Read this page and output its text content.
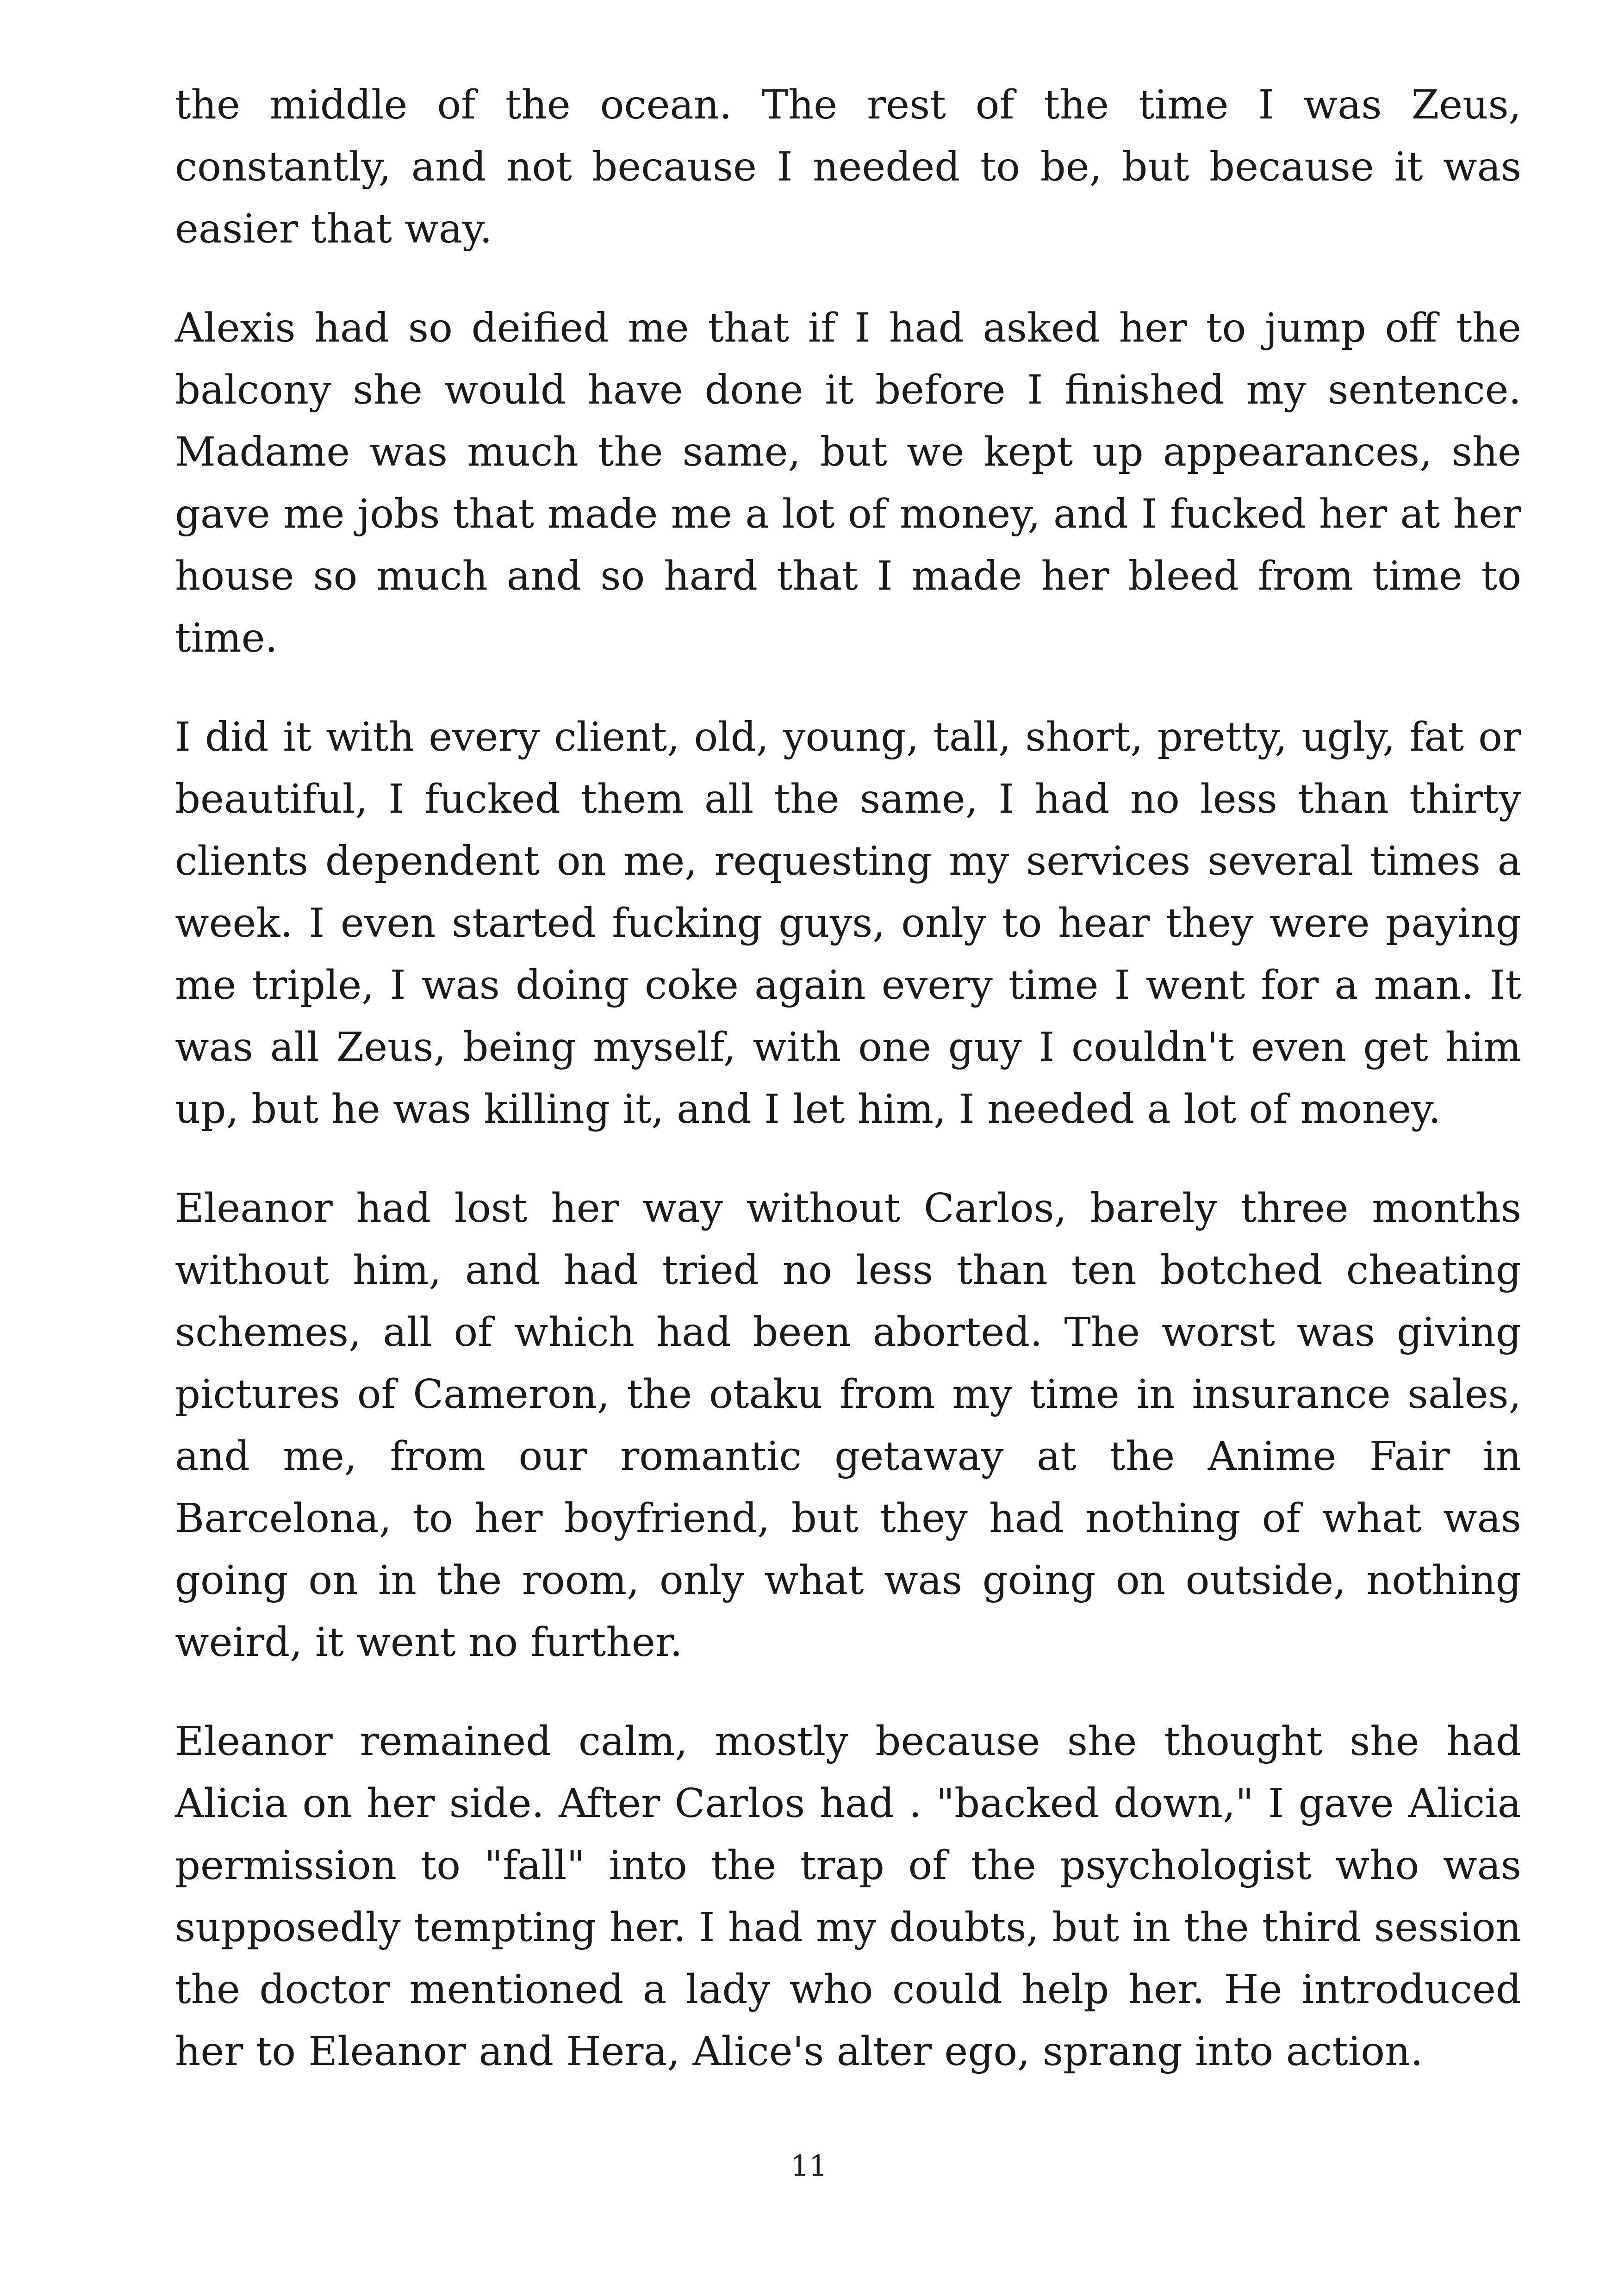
the middle of the ocean. The rest of the time I was Zeus, constantly, and not because I needed to be, but because it was easier that way.

Alexis had so deified me that if I had asked her to jump off the balcony she would have done it before I finished my sentence. Madame was much the same, but we kept up appearances, she gave me jobs that made me a lot of money, and I fucked her at her house so much and so hard that I made her bleed from time to time.

I did it with every client, old, young, tall, short, pretty, ugly, fat or beautiful, I fucked them all the same, I had no less than thirty clients dependent on me, requesting my services several times a week. I even started fucking guys, only to hear they were paying me triple, I was doing coke again every time I went for a man. It was all Zeus, being myself, with one guy I couldn't even get him up, but he was killing it, and I let him, I needed a lot of money.

Eleanor had lost her way without Carlos, barely three months without him, and had tried no less than ten botched cheating schemes, all of which had been aborted. The worst was giving pictures of Cameron, the otaku from my time in insurance sales, and me, from our romantic getaway at the Anime Fair in Barcelona, to her boyfriend, but they had nothing of what was going on in the room, only what was going on outside, nothing weird, it went no further.

Eleanor remained calm, mostly because she thought she had Alicia on her side. After Carlos had . "backed down," I gave Alicia permission to "fall" into the trap of the psychologist who was supposedly tempting her. I had my doubts, but in the third session the doctor mentioned a lady who could help her. He introduced her to Eleanor and Hera, Alice's alter ego, sprang into action.

11
